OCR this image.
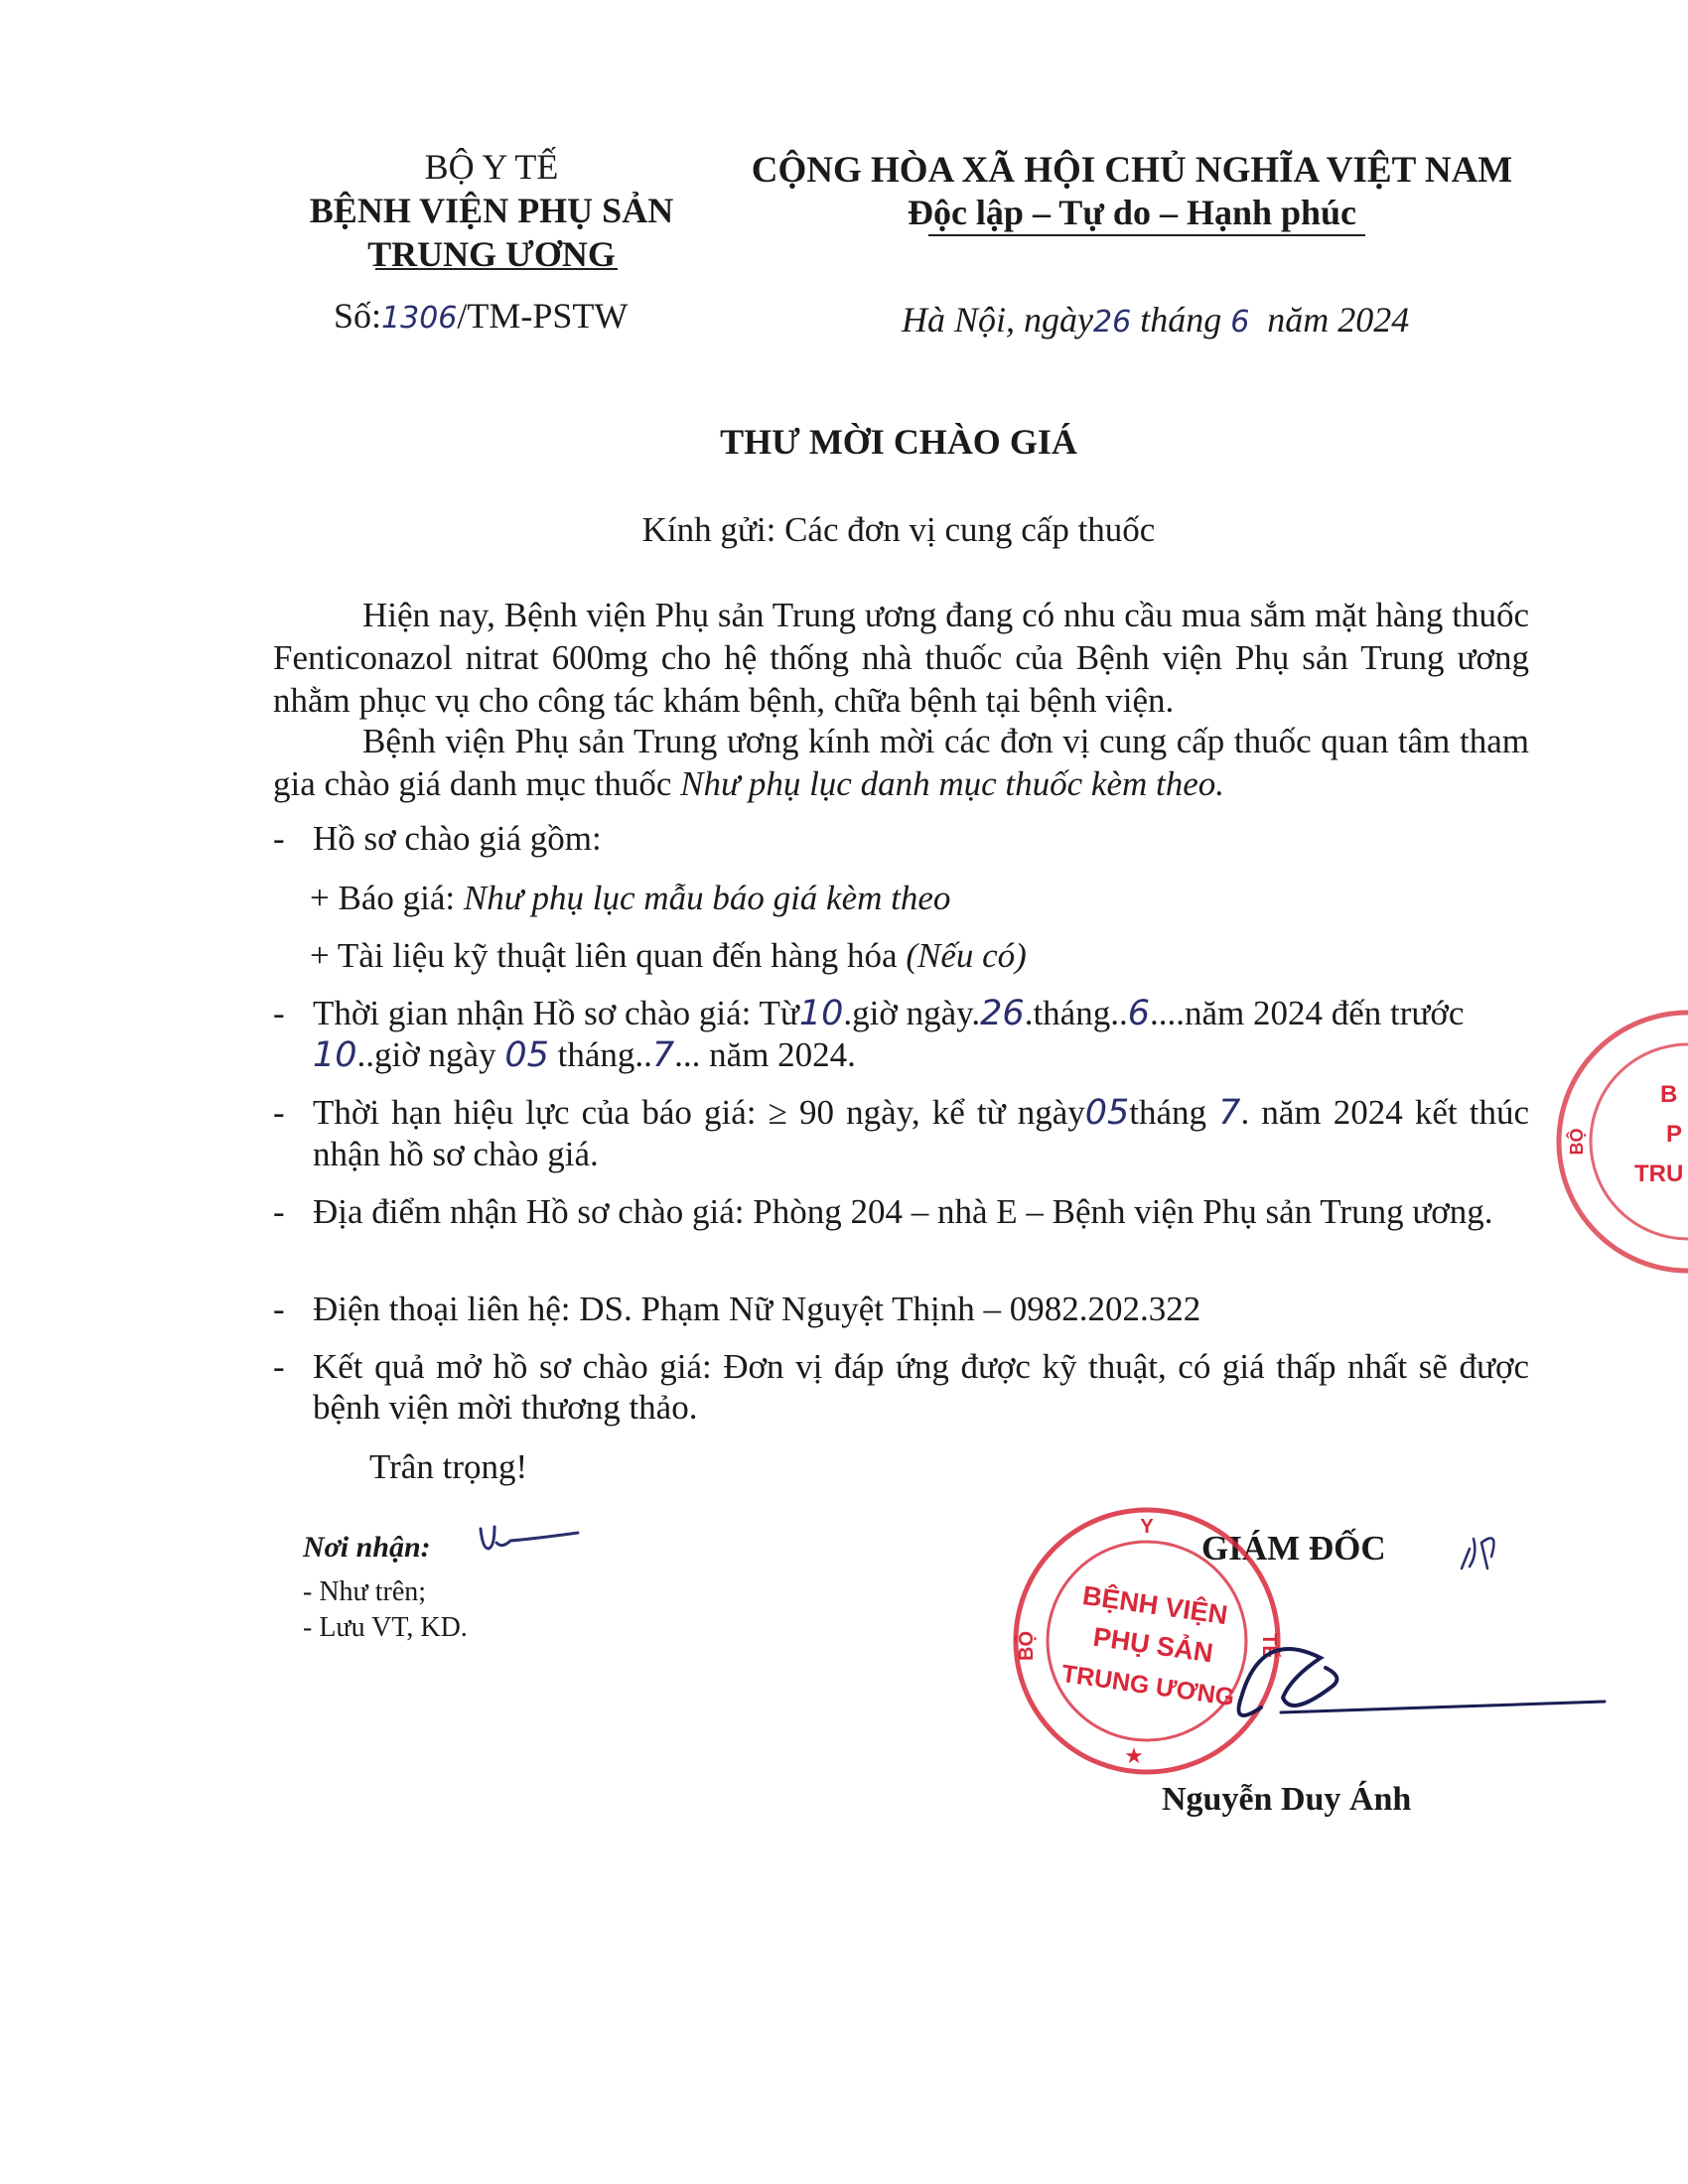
BỘ Y TẾ
BỆNH VIỆN PHỤ SẢN
TRUNG ƯƠNG
Số:1306/TM-PSTW
CỘNG HÒA XÃ HỘI CHỦ NGHĨA VIỆT NAM
Độc lập – Tự do – Hạnh phúc
Hà Nội, ngày26 tháng 6 năm 2024
THƯ MỜI CHÀO GIÁ
Kính gửi: Các đơn vị cung cấp thuốc

Hiện nay, Bệnh viện Phụ sản Trung ương đang có nhu cầu mua sắm mặt hàng thuốc Fenticonazol nitrat 600mg cho hệ thống nhà thuốc của Bệnh viện Phụ sản Trung ương nhằm phục vụ cho công tác khám bệnh, chữa bệnh tại bệnh viện.

Bệnh viện Phụ sản Trung ương kính mời các đơn vị cung cấp thuốc quan tâm tham gia chào giá danh mục thuốc Như phụ lục danh mục thuốc kèm theo.

- Hồ sơ chào giá gồm:
+ Báo giá: Như phụ lục mẫu báo giá kèm theo
+ Tài liệu kỹ thuật liên quan đến hàng hóa (Nếu có)
- Thời gian nhận Hồ sơ chào giá: Từ10.giờ ngày.26.tháng..6....năm 2024 đến trước
10..giờ ngày 05 tháng..7... năm 2024.
- Thời hạn hiệu lực của báo giá: ≥ 90 ngày, kể từ ngày05tháng 7. năm 2024 kết thúc nhận hồ sơ chào giá.
- Địa điểm nhận Hồ sơ chào giá: Phòng 204 – nhà E – Bệnh viện Phụ sản Trung ương.
- Điện thoại liên hệ: DS. Phạm Nữ Nguyệt Thịnh – 0982.202.322
- Kết quả mở hồ sơ chào giá: Đơn vị đáp ứng được kỹ thuật, có giá thấp nhất sẽ được bệnh viện mời thương thảo.
Trân trọng!
Nơi nhận:
- Như trên;
- Lưu VT, KD.
GIÁM ĐỐC
Y
BỘ	TẾ
BỆNH VIỆN
PHỤ SẢN
TRUNG ƯƠNG
★
Nguyễn Duy Ánh
BỘ
B
P
TRU
